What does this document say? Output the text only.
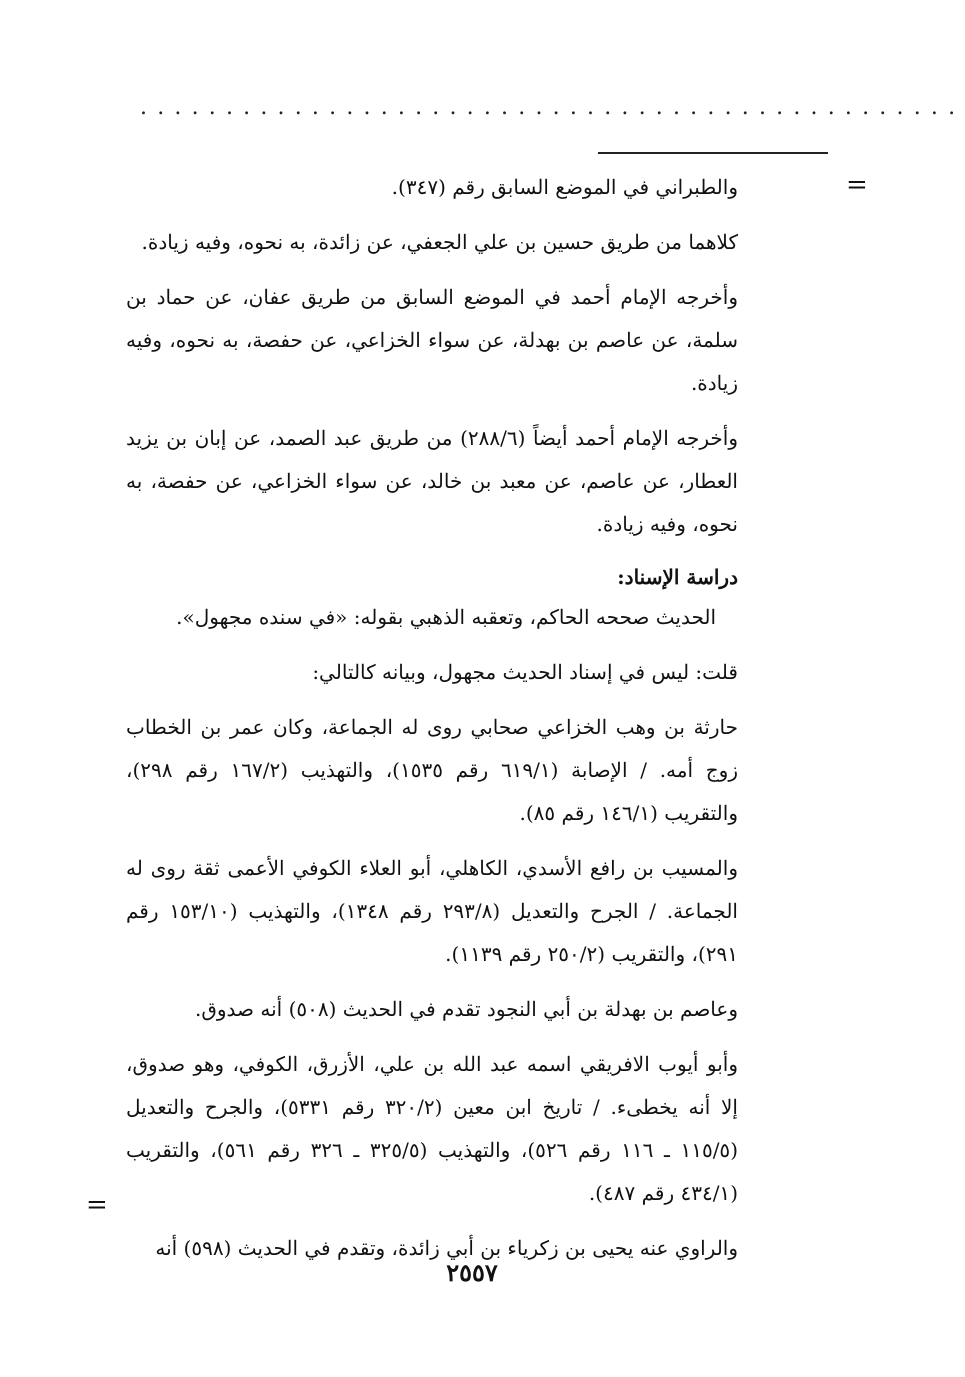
................................................
=

والطبراني في الموضع السابق رقم (٣٤٧).

كلاهما من طريق حسين بن علي الجعفي، عن زائدة، به نحوه، وفيه زيادة.

وأخرجه الإمام أحمد في الموضع السابق من طريق عفان، عن حماد بن سلمة، عن عاصم بن بهدلة، عن سواء الخزاعي، عن حفصة، به نحوه، وفيه زيادة.

وأخرجه الإمام أحمد أيضاً (٢٨٨/٦) من طريق عبد الصمد، عن إبان بن يزيد العطار، عن عاصم، عن معبد بن خالد، عن سواء الخزاعي، عن حفصة، به نحوه، وفيه زيادة.

دراسة الإسناد:

الحديث صححه الحاكم، وتعقبه الذهبي بقوله: «في سنده مجهول».

قلت: ليس في إسناد الحديث مجهول، وبيانه كالتالي:

حارثة بن وهب الخزاعي صحابي روى له الجماعة، وكان عمر بن الخطاب زوج أمه. / الإصابة (٦١٩/١ رقم ١٥٣٥)، والتهذيب (١٦٧/٢ رقم ٢٩٨)، والتقريب (١٤٦/١ رقم ٨٥).

والمسيب بن رافع الأسدي، الكاهلي، أبو العلاء الكوفي الأعمى ثقة روى له الجماعة. / الجرح والتعديل (٢٩٣/٨ رقم ١٣٤٨)، والتهذيب (١٥٣/١٠ رقم ٢٩١)، والتقريب (٢٥٠/٢ رقم ١١٣٩).

وعاصم بن بهدلة بن أبي النجود تقدم في الحديث (٥٠٨) أنه صدوق.

وأبو أيوب الافريقي اسمه عبد الله بن علي، الأزرق، الكوفي، وهو صدوق، إلا أنه يخطىء. / تاريخ ابن معين (٣٢٠/٢ رقم ٥٣٣١)، والجرح والتعديل (١١٥/٥ ـ ١١٦ رقم ٥٢٦)، والتهذيب (٣٢٥/٥ ـ ٣٢٦ رقم ٥٦١)، والتقريب (٤٣٤/١ رقم ٤٨٧).

والراوي عنه يحيى بن زكرياء بن أبي زائدة، وتقدم في الحديث (٥٩٨) أنه

=
٢٥٥٧
